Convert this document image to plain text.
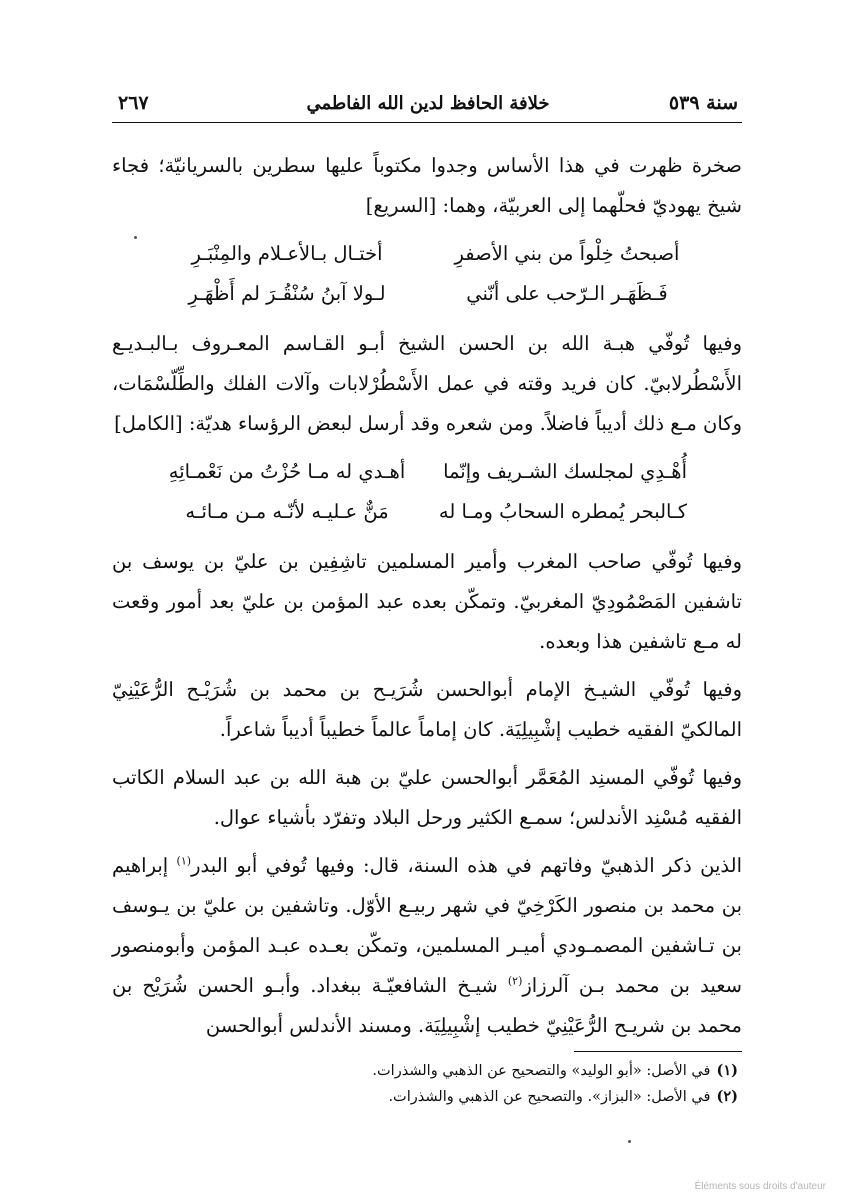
سنة ٥٣٩
خلافة الحافظ لدين الله الفاطمي
٢٦٧

صخرة ظهرت في هذا الأساس وجدوا مكتوباً عليها سطرين بالسريانيّة؛ فجاء شيخ يهوديّ فحلّهما إلى العربيّة، وهما: [السريع]

أصبحتُ خِلْواً من بني الأصفرِ
أختـال بـالأعـلام والمِنْبَـرِ
فَـظَهَـر الـرّحب على أنّني
لـولا آبنُ سُنْقُـرَ لم أَظْهَـرِ

وفيها تُوفّي هبـة الله بن الحسن الشيخ أبـو القـاسم المعـروف بـالبـديـع الأَسْطُرلابيّ. كان فريد وقته في عمل الأَسْطُرْلابات وآلات الفلك والطِّلّسْمَات، وكان مـع ذلك أديباً فاضلاً. ومن شعره وقد أرسل لبعض الرؤساء هديّة: [الكامل]

أُهْـدِي لمجلسك الشـريف وإنّما
أهـدي له مـا حُزْتُ من نَعْمـائِهِ
كـالبحر يُمطره السحابُ ومـا له
مَنٌّ عـليـه لأنّـه مـن مـائـه

وفيها تُوفّي صاحب المغرب وأمير المسلمين تاشِفِين بن عليّ بن يوسف بن تاشفين المَصْمُودِيّ المغربيّ. وتمكّن بعده عبد المؤمن بن عليّ بعد أمور وقعت له مـع تاشفين هذا وبعده.

وفيها تُوفّي الشيـخ الإمام أبوالحسن شُرَيـح بن محمد بن شُرَيْـح الرُّعَيْنِيّ المالكيّ الفقيه خطيب إشْبِيلِيَة. كان إماماً عالماً خطيباً أديباً شاعراً.

وفيها تُوفّي المسنِد المُعَمَّر أبوالحسن عليّ بن هبة الله بن عبد السلام الكاتب الفقيه مُسْنِد الأندلس؛ سمـع الكثير ورحل البلاد وتفرّد بأشياء عوال.

الذين ذكر الذهبيّ وفاتهم في هذه السنة، قال: وفيها تُوفي أبو البدر$^{(١)}$ إبراهيم بن محمد بن منصور الكَرْخِيّ في شهر ربيـع الأوّل. وتاشفين بن عليّ بن يـوسف بن تـاشفين المصمـودي أميـر المسلمين، وتمكّن بعـده عبـد المؤمن وأبومنصور سعيد بن محمد بـن آلرزاز$^{(٢)}$ شيـخ الشافعيّـة ببغداد. وأبـو الحسن شُرَيْح بن محمد بن شريـح الرُّعَيْنِيّ خطيب إشْبِيلِيَة. ومسند الأندلس أبوالحسن

(١)
في الأصل: «أبو الوليد» والتصحيح عن الذهبي والشذرات.
(٢)
في الأصل: «البزاز». والتصحيح عن الذهبي والشذرات.
Éléments sous droits d'auteur
